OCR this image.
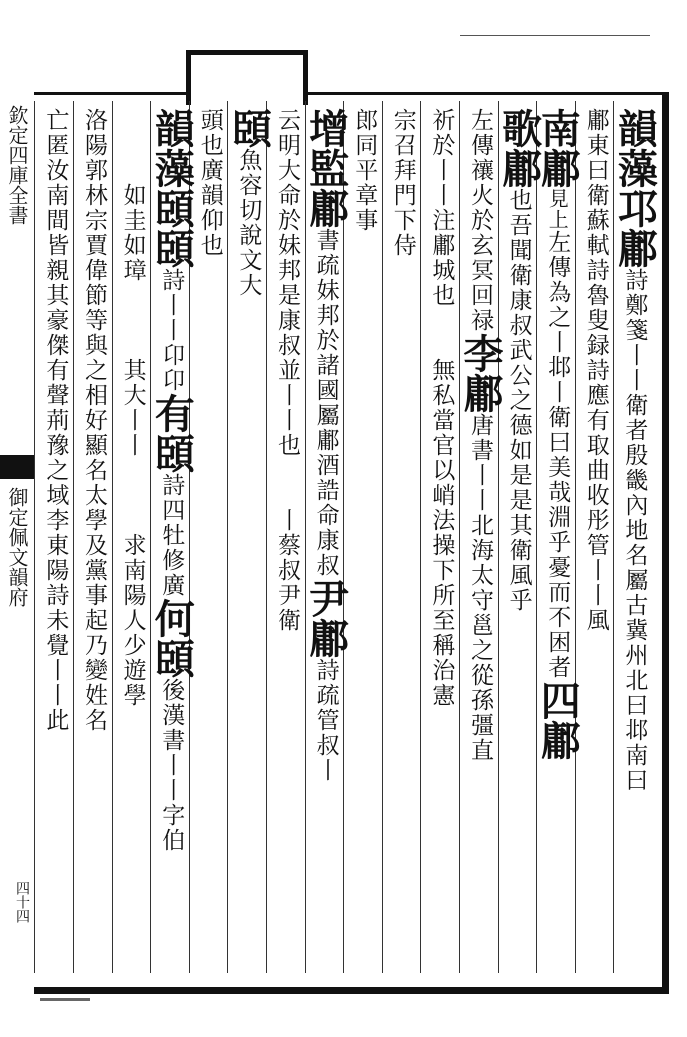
欽定四庫全書
御定佩文韻府
四十四
韻藻邛鄘詩鄭箋丨丨衛者殷畿內地名屬古冀州北曰邶南曰
鄘東曰衛蘇軾詩魯叟録詩應有取曲收彤管丨丨風
南鄘見上左傳為之丨邶丨衛曰美哉淵乎憂而不困者四鄘
歌鄘也吾聞衛康叔武公之德如是是其衛風乎
左傳禳火於玄冥回禄李鄘唐書丨丨北海太守邕之從孫彊直
祈於丨丨注鄘城也　　無私當官以峭法操下所至稱治憲
宗召拜門下侍
郎同平章事
增監鄘書疏妹邦於諸國屬鄘酒誥命康叔尹鄘詩疏管叔丨
云明大命於妹邦是康叔並丨丨也　　丨蔡叔尹衛
頣魚容切說文大
頭也廣韻仰也
韻藻頣頣詩丨丨卬卬有頣詩四牡修廣何頣後漢書丨丨字伯
　　　如圭如璋　　　其大丨丨　　　求南陽人少遊學
洛陽郭林宗賈偉節等與之相好顯名太學及黨事起乃變姓名
亡匿汝南間皆親其豪傑有聲荊豫之域李東陽詩未覺丨丨此
